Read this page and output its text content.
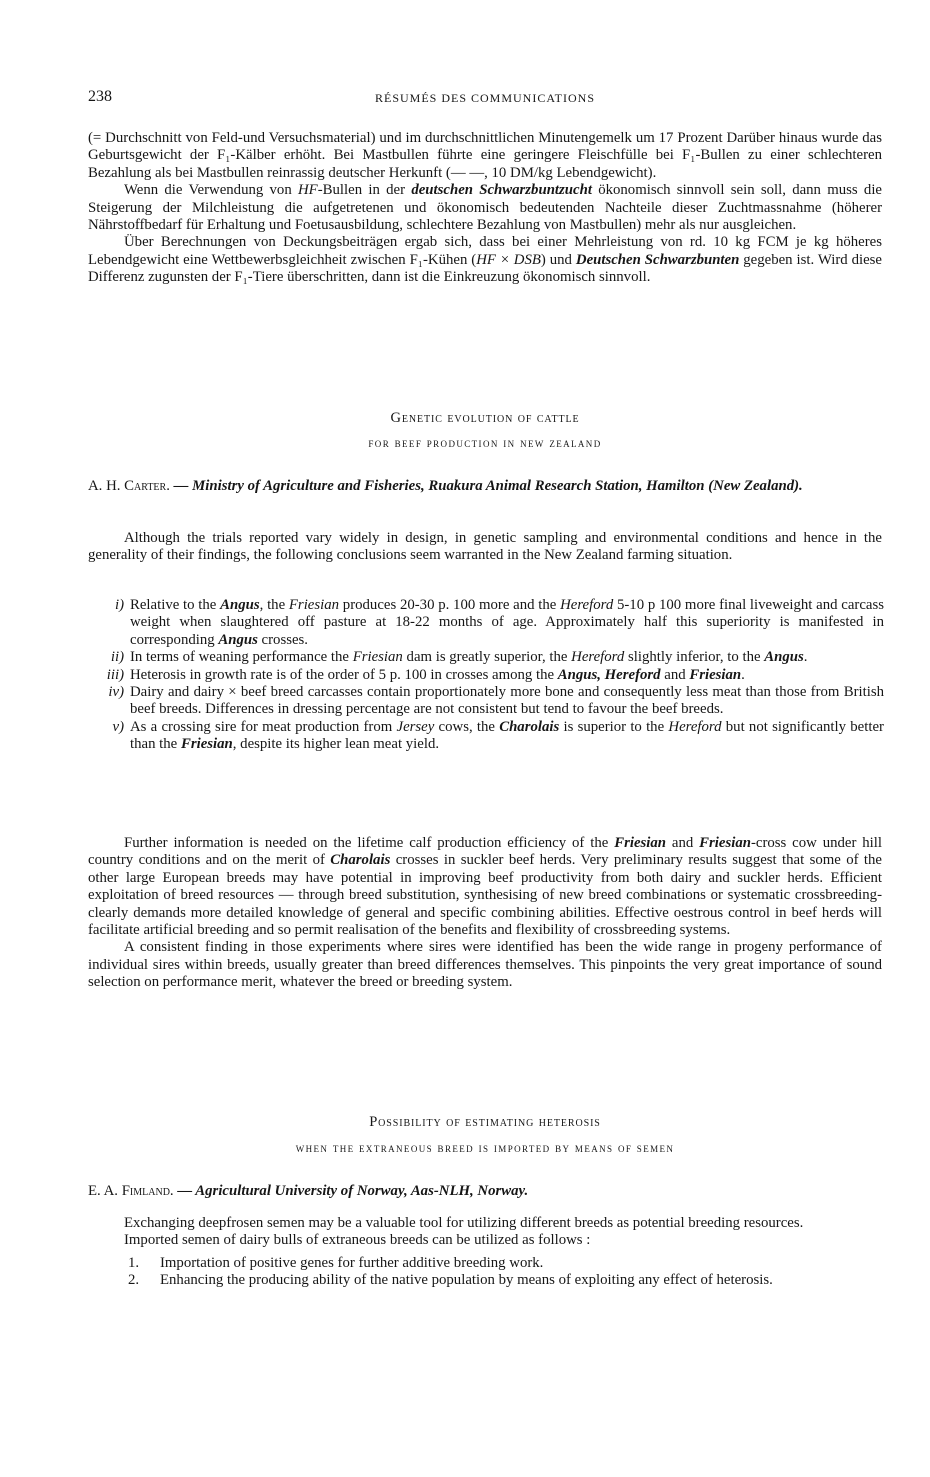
238	RÉSUMÉS DES COMMUNICATIONS

(= Durchschnitt von Feld-und Versuchsmaterial) und im durchschnittlichen Minutengemelk um 17 Prozent Darüber hinaus wurde das Geburtsgewicht der F₁-Kälber erhöht. Bei Mastbullen führte eine geringere Fleischfülle bei F₁-Bullen zu einer schlechteren Bezahlung als bei Mastbullen reinrassig deutscher Herkunft (— —, 10 DM/kg Lebendgewicht).

Wenn die Verwendung von HF-Bullen in der deutschen Schwarzbuntzucht ökonomisch sinnvoll sein soll, dann muss die Steigerung der Milchleistung die aufgetretenen und ökonomisch bedeutenden Nachteile dieser Zuchtmassnahme (höherer Nährstoffbedarf für Erhaltung und Foetusausbildung, schlechtere Bezahlung von Mastbullen) mehr als nur ausgleichen.

Über Berechnungen von Deckungsbeiträgen ergab sich, dass bei einer Mehrleistung von rd. 10 kg FCM je kg höheres Lebendgewicht eine Wettbewerbsgleichheit zwischen F₁-Kühen (HF × DSB) und Deutschen Schwarzbunten gegeben ist. Wird diese Differenz zugunsten der F₁-Tiere überschritten, dann ist die Einkreuzung ökonomisch sinnvoll.

Genetic evolution of cattle
for beef production in new zealand
A. H. Carter. — Ministry of Agriculture and Fisheries, Ruakura Animal Research Station, Hamilton (New Zealand).

Although the trials reported vary widely in design, in genetic sampling and environmental conditions and hence in the generality of their findings, the following conclusions seem warranted in the New Zealand farming situation.

i) Relative to the Angus, the Friesian produces 20-30 p. 100 more and the Hereford 5-10 p 100 more final liveweight and carcass weight when slaughtered off pasture at 18-22 months of age. Approximately half this superiority is manifested in corresponding Angus crosses.
ii) In terms of weaning performance the Friesian dam is greatly superior, the Hereford slightly inferior, to the Angus.
iii) Heterosis in growth rate is of the order of 5 p. 100 in crosses among the Angus, Hereford and Friesian.
iv) Dairy and dairy × beef breed carcasses contain proportionately more bone and consequently less meat than those from British beef breeds. Differences in dressing percentage are not consistent but tend to favour the beef breeds.
v) As a crossing sire for meat production from Jersey cows, the Charolais is superior to the Hereford but not significantly better than the Friesian, despite its higher lean meat yield.

Further information is needed on the lifetime calf production efficiency of the Friesian and Friesian-cross cow under hill country conditions and on the merit of Charolais crosses in suckler beef herds. Very preliminary results suggest that some of the other large European breeds may have potential in improving beef productivity from both dairy and suckler herds. Efficient exploitation of breed resources — through breed substitution, synthesising of new breed combinations or systematic crossbreeding-clearly demands more detailed knowledge of general and specific combining abilities. Effective oestrous control in beef herds will facilitate artificial breeding and so permit realisation of the benefits and flexibility of crossbreeding systems.

A consistent finding in those experiments where sires were identified has been the wide range in progeny performance of individual sires within breeds, usually greater than breed differences themselves. This pinpoints the very great importance of sound selection on performance merit, whatever the breed or breeding system.

Possibility of estimating heterosis
when the extraneous breed is imported by means of semen
E. A. Fimland. — Agricultural University of Norway, Aas-NLH, Norway.

Exchanging deepfrosen semen may be a valuable tool for utilizing different breeds as potential breeding resources.

Imported semen of dairy bulls of extraneous breeds can be utilized as follows :

1.	Importation of positive genes for further additive breeding work.
2.	Enhancing the producing ability of the native population by means of exploiting any effect of heterosis.
